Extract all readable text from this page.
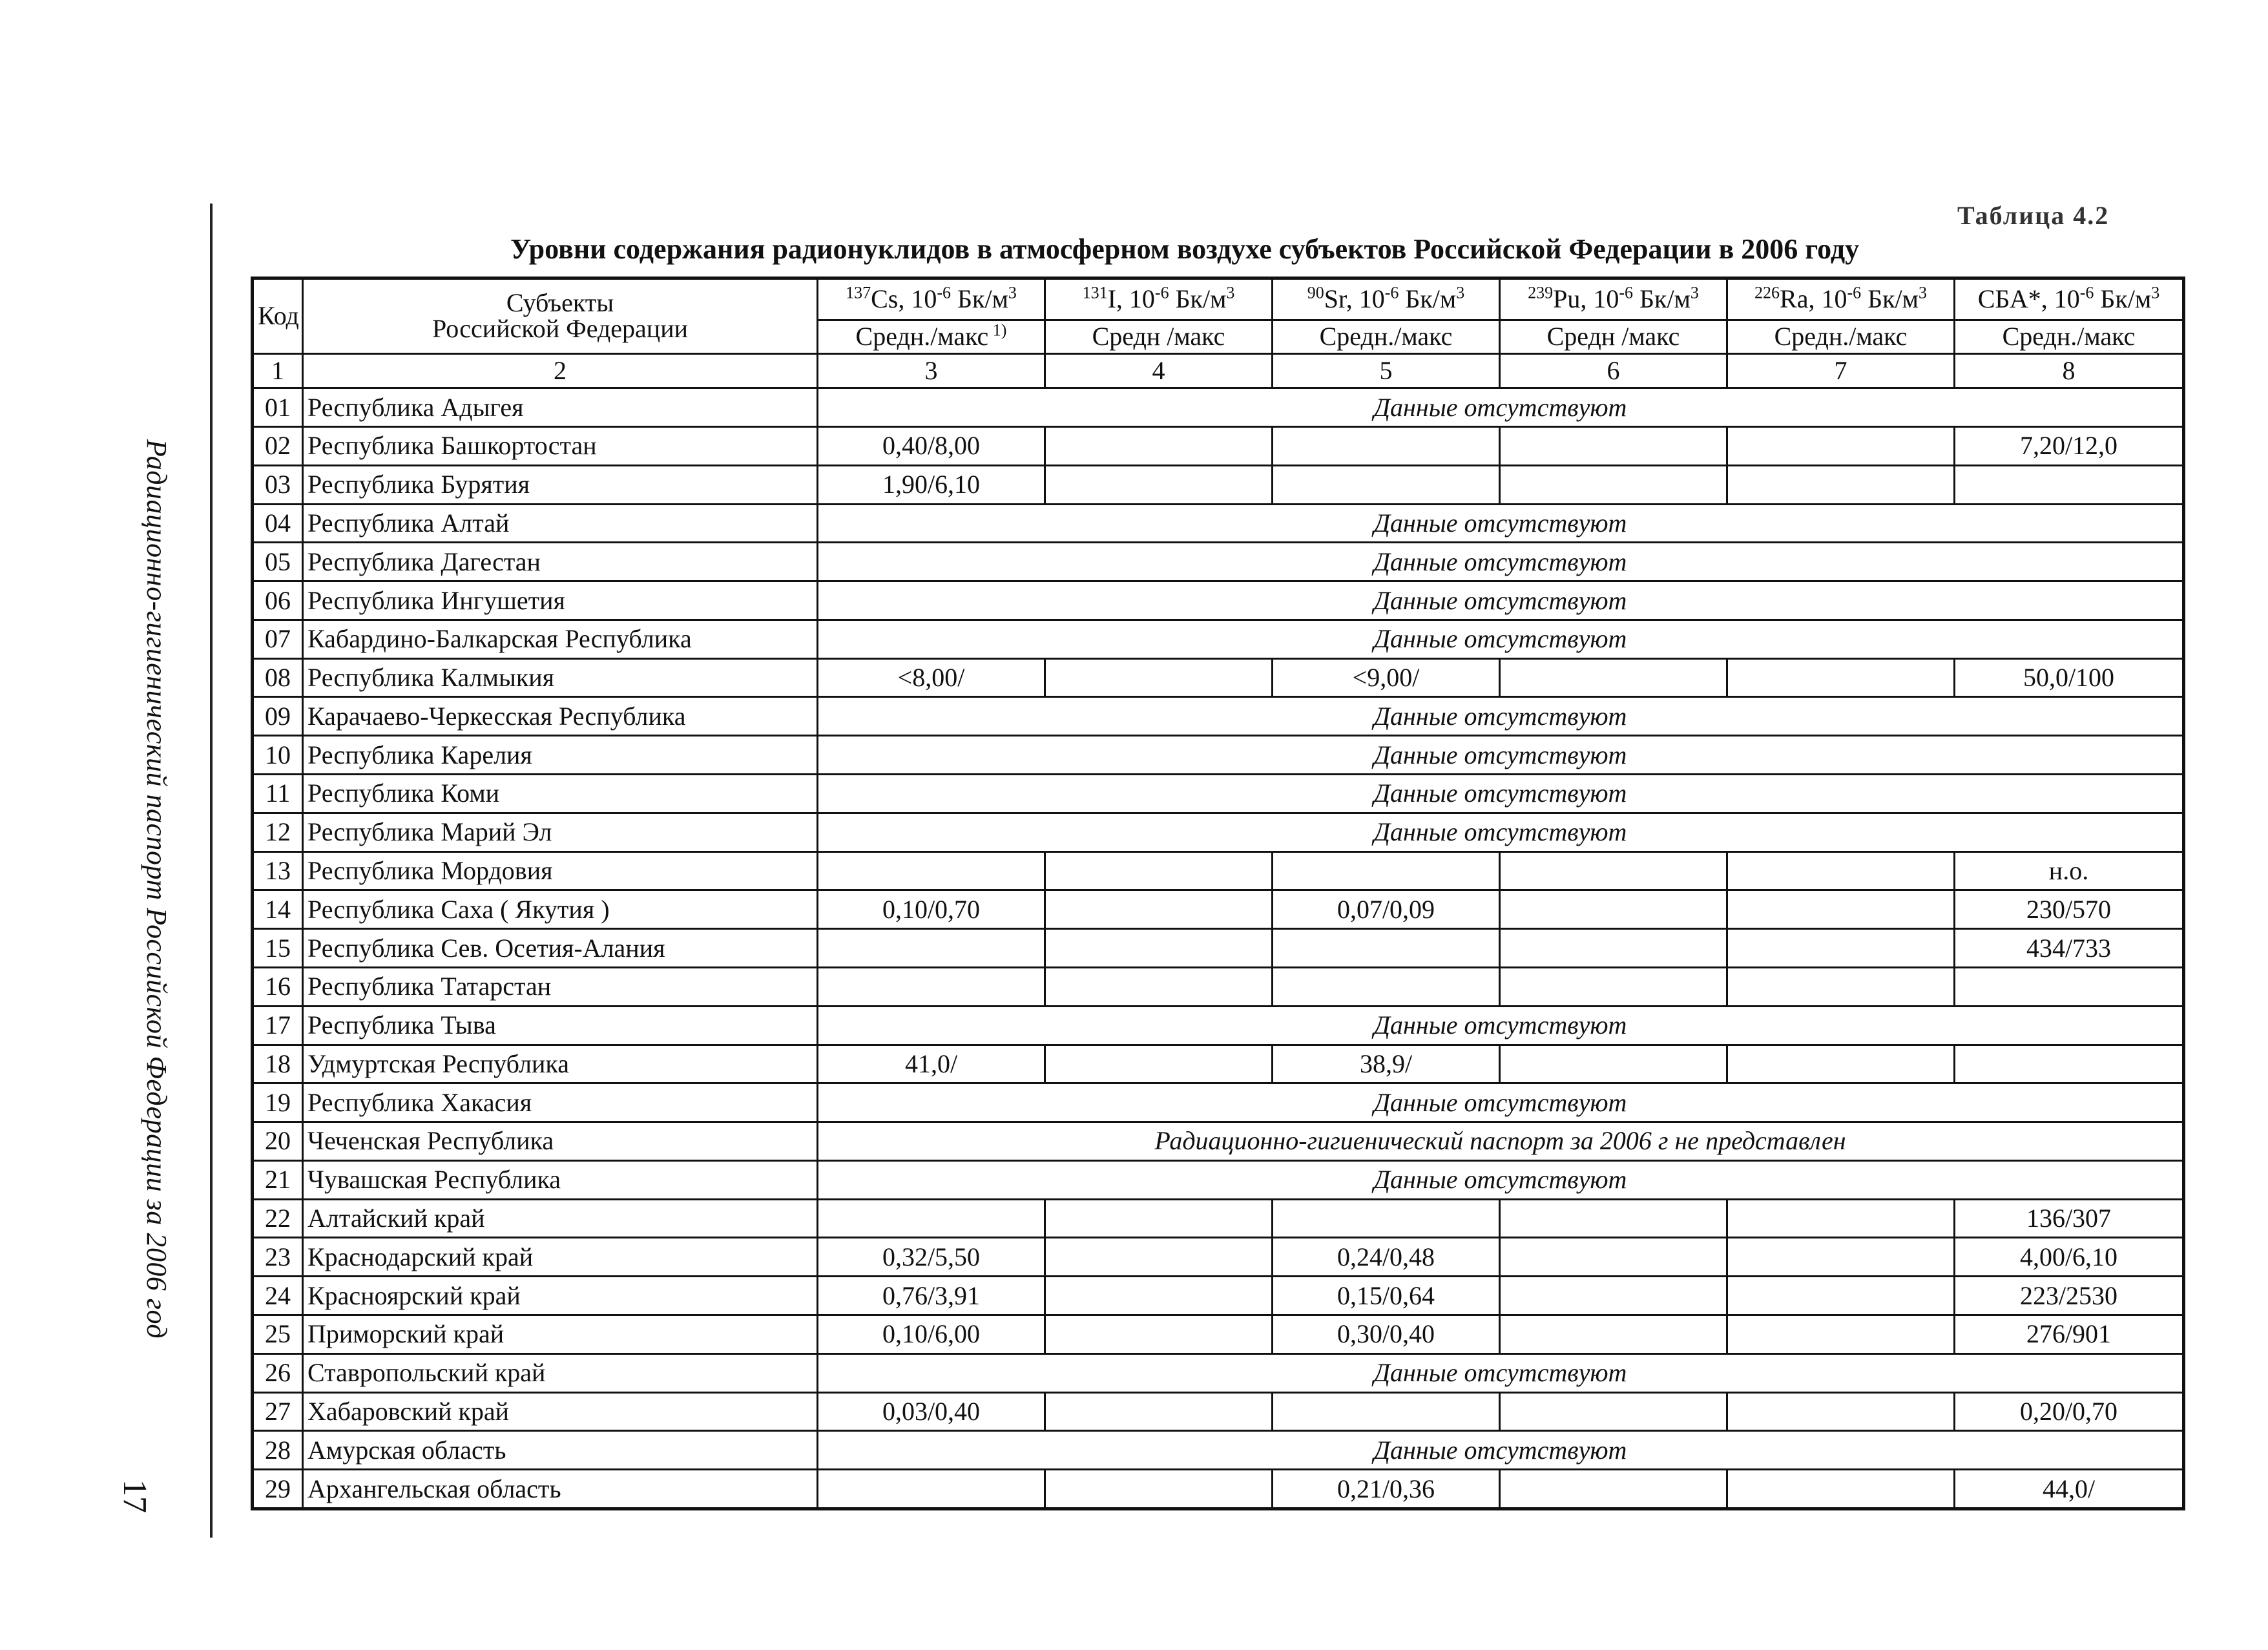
Радиационно-гигиенический паспорт Российской Федерации за 2006 год
17
Таблица 4.2
Уровни содержания радионуклидов в атмосферном воздухе субъектов Российской Федерации в 2006 году
Код	Субъекты
Российской Федерации	$^{137}$Cs, $10^{-6}$ $Бк/м^3$	$^{131}$I, $10^{-6}$ $Бк/м^3$	$^{90}$Sr, $10^{-6}$ $Бк/м^3$	$^{239}$Pu, $10^{-6}$ $Бк/м^3$	$^{226}$Ra, $10^{-6}$ $Бк/м^3$	СБА*, $10^{-6}$ $Бк/м^3$
		Средн./макс $^{1)}$	Средн /макс	Средн./макс	Средн /макс	Средн./макс	Средн./макс
1	2	3	4	5	6	7	8
01	Республика Адыгея	Данные отсутствуют					
02	Республика Башкортостан	0,40/8,00					7,20/12,0
03	Республика Бурятия	1,90/6,10					
04	Республика Алтай	Данные отсутствуют					
05	Республика Дагестан	Данные отсутствуют					
06	Республика Ингушетия	Данные отсутствуют					
07	Кабардино-Балкарская Республика	Данные отсутствуют					
08	Республика Калмыкия	<8,00/		<9,00/			50,0/100
09	Карачаево-Черкесская Республика	Данные отсутствуют					
10	Республика Карелия	Данные отсутствуют					
11	Республика Коми	Данные отсутствуют					
12	Республика Марий Эл	Данные отсутствуют					
13	Республика Мордовия						н.о.
14	Республика Саха ( Якутия )	0,10/0,70		0,07/0,09			230/570
15	Республика Сев. Осетия-Алания						434/733
16	Республика Татарстан						
17	Республика Тыва	Данные отсутствуют					
18	Удмуртская Республика	41,0/		38,9/			
19	Республика Хакасия	Данные отсутствуют					
20	Чеченская Республика	Радиационно-гигиенический паспорт за 2006 г не представлен					
21	Чувашская Республика	Данные отсутствуют					
22	Алтайский край						136/307
23	Краснодарский край	0,32/5,50		0,24/0,48			4,00/6,10
24	Красноярский край	0,76/3,91		0,15/0,64			223/2530
25	Приморский край	0,10/6,00		0,30/0,40			276/901
26	Ставропольский край	Данные отсутствуют					
27	Хабаровский край	0,03/0,40					0,20/0,70
28	Амурская область	Данные отсутствуют					
29	Архангельская область			0,21/0,36			44,0/
